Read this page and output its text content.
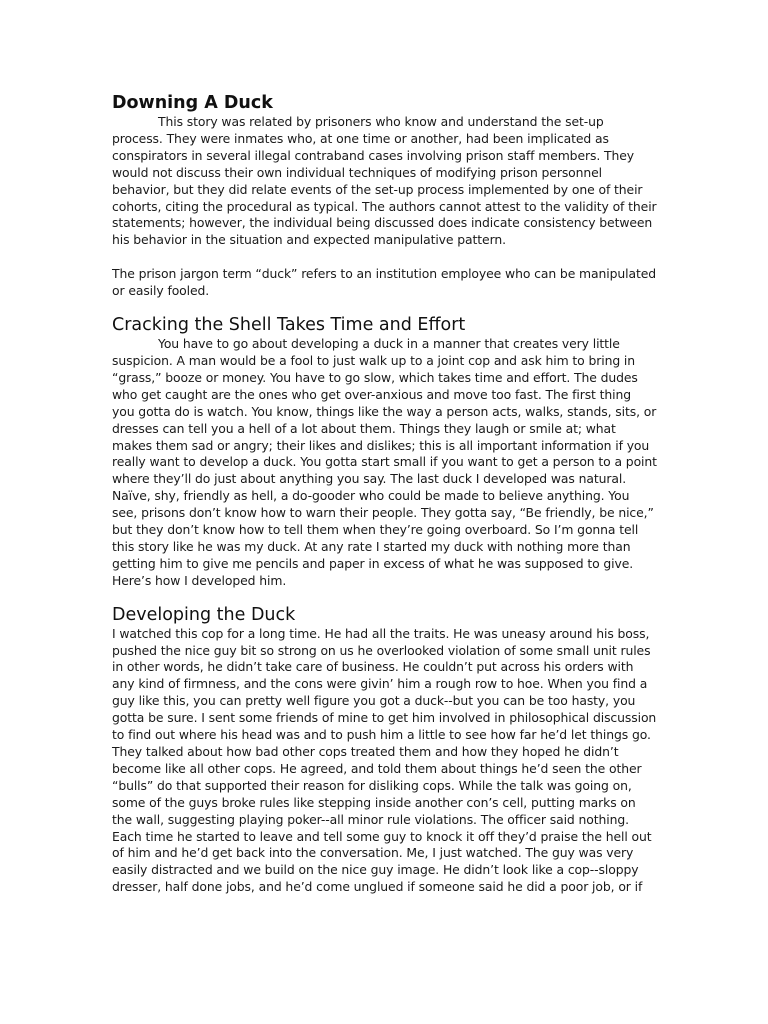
Downing A Duck

This story was related by prisoners who know and understand the set-up process. They were inmates who, at one time or another, had been implicated as conspirators in several illegal contraband cases involving prison staff members. They would not discuss their own individual techniques of modifying prison personnel behavior, but they did relate events of the set-up process implemented by one of their cohorts, citing the procedural as typical. The authors cannot attest to the validity of their statements; however, the individual being discussed does indicate consistency between his behavior in the situation and expected manipulative pattern.

The prison jargon term “duck” refers to an institution employee who can be manipulated or easily fooled.

Cracking the Shell Takes Time and Effort

You have to go about developing a duck in a manner that creates very little suspicion. A man would be a fool to just walk up to a joint cop and ask him to bring in “grass,” booze or money. You have to go slow, which takes time and effort. The dudes who get caught are the ones who get over-anxious and move too fast. The first thing you gotta do is watch. You know, things like the way a person acts, walks, stands, sits, or dresses can tell you a hell of a lot about them. Things they laugh or smile at; what makes them sad or angry; their likes and dislikes; this is all important information if you really want to develop a duck. You gotta start small if you want to get a person to a point where they’ll do just about anything you say. The last duck I developed was natural. Naïve, shy, friendly as hell, a do-gooder who could be made to believe anything. You see, prisons don’t know how to warn their people. They gotta say, “Be friendly, be nice,” but they don’t know how to tell them when they’re going overboard. So I’m gonna tell this story like he was my duck. At any rate I started my duck with nothing more than getting him to give me pencils and paper in excess of what he was supposed to give. Here’s how I developed him.

Developing the Duck

I watched this cop for a long time. He had all the traits. He was uneasy around his boss, pushed the nice guy bit so strong on us he overlooked violation of some small unit rules in other words, he didn’t take care of business. He couldn’t put across his orders with any kind of firmness, and the cons were givin’ him a rough row to hoe. When you find a guy like this, you can pretty well figure you got a duck--but you can be too hasty, you gotta be sure. I sent some friends of mine to get him involved in philosophical discussion to find out where his head was and to push him a little to see how far he’d let things go. They talked about how bad other cops treated them and how they hoped he didn’t become like all other cops. He agreed, and told them about things he’d seen the other “bulls” do that supported their reason for disliking cops. While the talk was going on, some of the guys broke rules like stepping inside another con’s cell, putting marks on the wall, suggesting playing poker--all minor rule violations. The officer said nothing. Each time he started to leave and tell some guy to knock it off they’d praise the hell out of him and he’d get back into the conversation. Me, I just watched. The guy was very easily distracted and we build on the nice guy image. He didn’t look like a cop--sloppy dresser, half done jobs, and he’d come unglued if someone said he did a poor job, or if
